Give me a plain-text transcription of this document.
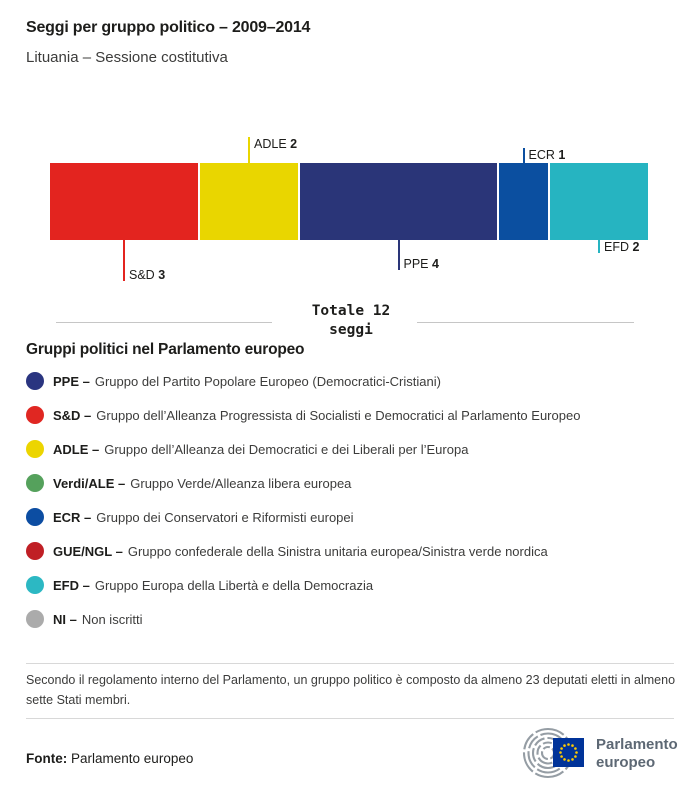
Seggi per gruppo politico – 2009–2014
Lituania – Sessione costitutiva
S&D 3
ADLE 2
PPE 4
ECR 1
EFD 2
Totale 12
seggi
Gruppi politici nel Parlamento europeo
PPE – Gruppo del Partito Popolare Europeo (Democratici-Cristiani)
S&D – Gruppo dell’Alleanza Progressista di Socialisti e Democratici al Parlamento Europeo
ADLE – Gruppo dell’Alleanza dei Democratici e dei Liberali per l’Europa
Verdi/ALE – Gruppo Verde/Alleanza libera europea
ECR – Gruppo dei Conservatori e Riformisti europei
GUE/NGL – Gruppo confederale della Sinistra unitaria europea/Sinistra verde nordica
EFD – Gruppo Europa della Libertà e della Democrazia
NI – Non iscritti
Secondo il regolamento interno del Parlamento, un gruppo politico è composto da almeno 23 deputati eletti in almeno sette Stati membri.
Fonte: Parlamento europeo
Parlamento
europeo
